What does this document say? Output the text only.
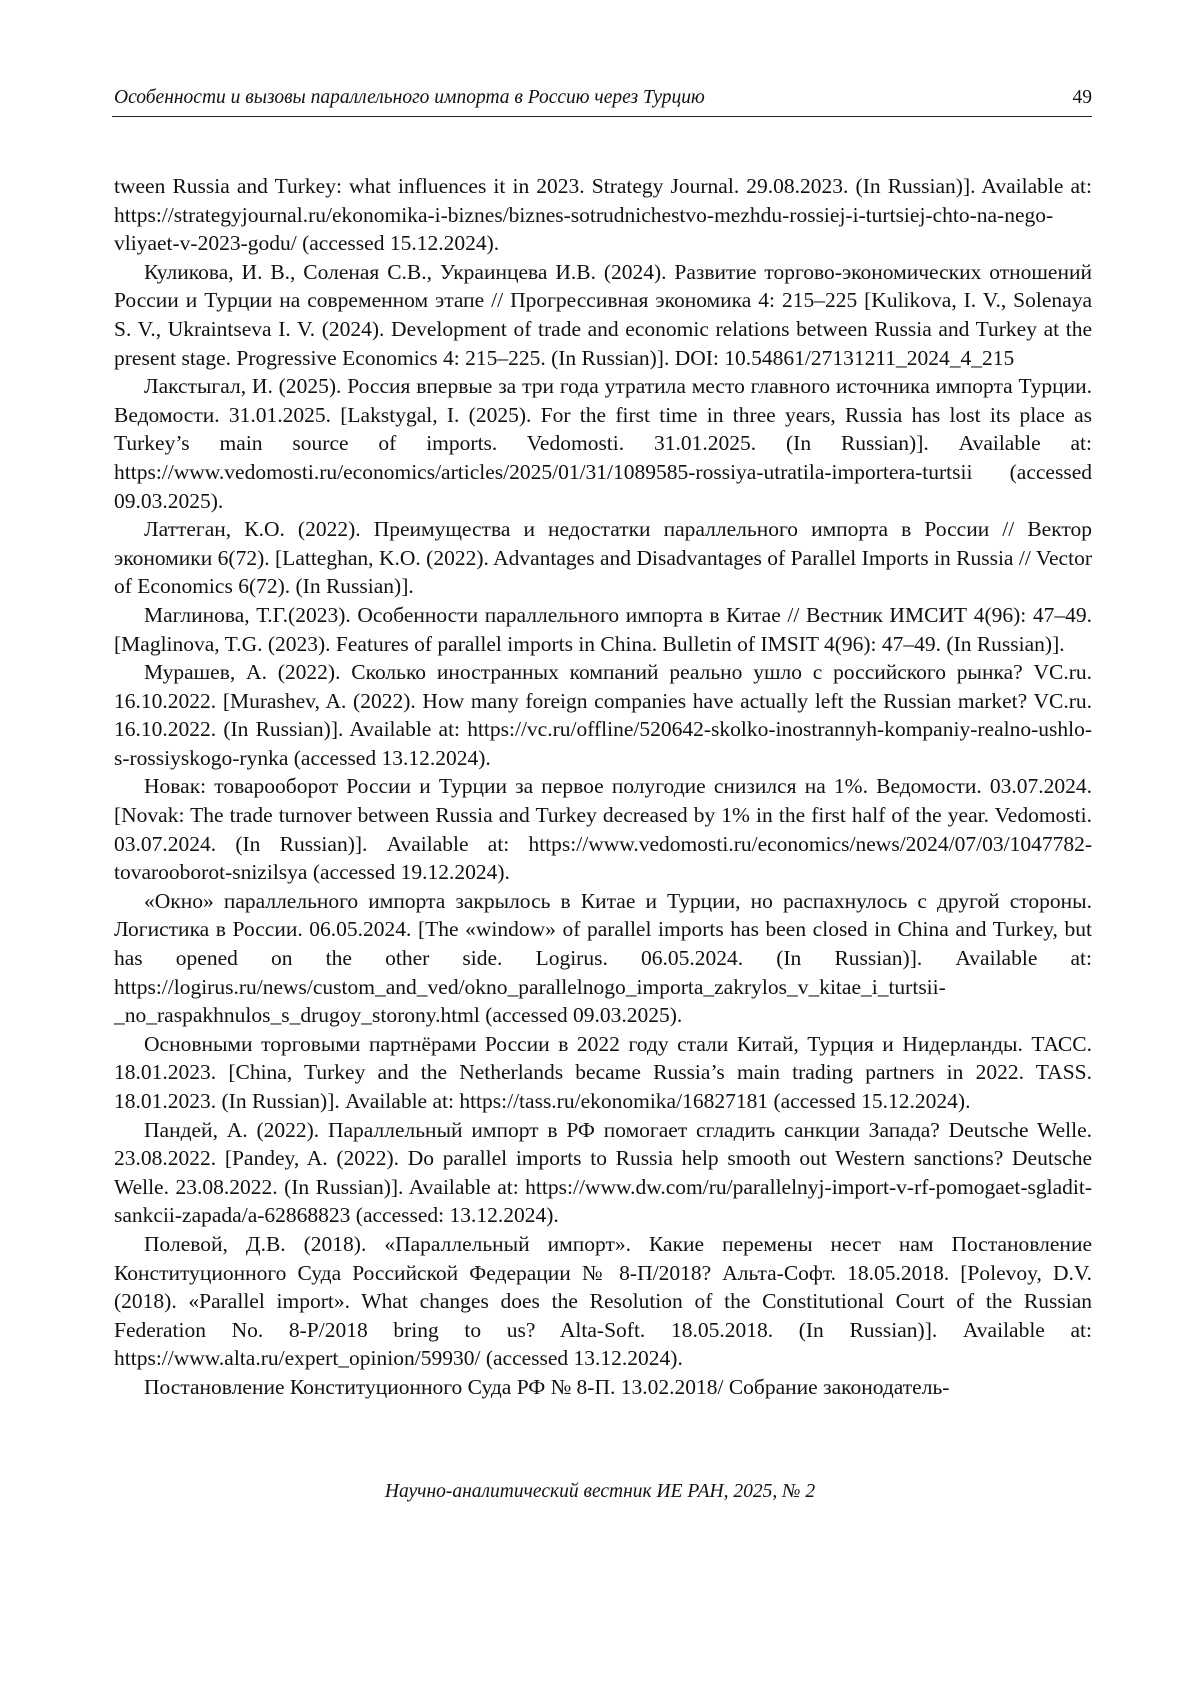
Особенности и вызовы параллельного импорта в Россию через Турцию	49

tween Russia and Turkey: what influences it in 2023. Strategy Journal. 29.08.2023. (In Russian)]. Available at: https://strategyjournal.ru/ekonomika-i-biznes/biznes-sotrudnichestvo-mezhdu-rossiej-i-turtsiej-chto-na-nego-vliyaet-v-2023-godu/ (accessed 15.12.2024).

Куликова, И. В., Соленая С.В., Украинцева И.В. (2024). Развитие торгово-экономических отношений России и Турции на современном этапе // Прогрессивная экономика 4: 215–225 [Kulikova, I. V., Solenaya S. V., Ukraintseva I. V. (2024). Development of trade and economic relations between Russia and Turkey at the present stage. Progressive Economics 4: 215–225. (In Russian)]. DOI: 10.54861/27131211_2024_4_215

Лакстыгал, И. (2025). Россия впервые за три года утратила место главного источника импорта Турции. Ведомости. 31.01.2025. [Lakstygal, I. (2025). For the first time in three years, Russia has lost its place as Turkey’s main source of imports. Vedomosti. 31.01.2025. (In Russian)]. Available at: https://www.vedomosti.ru/economics/articles/2025/01/31/1089585-rossiya-utratila-importera-turtsii (accessed 09.03.2025).

Латтеган, К.О. (2022). Преимущества и недостатки параллельного импорта в России // Вектор экономики 6(72). [Latteghan, K.O. (2022). Advantages and Disadvantages of Parallel Imports in Russia // Vector of Economics 6(72). (In Russian)].

Маглинова, Т.Г.(2023). Особенности параллельного импорта в Китае // Вестник ИМСИТ 4(96): 47–49. [Maglinova, T.G. (2023). Features of parallel imports in China. Bulletin of IMSIT 4(96): 47–49. (In Russian)].

Мурашев, А. (2022). Сколько иностранных компаний реально ушло с российского рынка? VC.ru. 16.10.2022. [Murashev, A. (2022). How many foreign companies have actually left the Russian market? VC.ru. 16.10.2022. (In Russian)]. Available at: https://vc.ru/offline/520642-skolko-inostrannyh-kompaniy-realno-ushlo-s-rossiyskogo-rynka (accessed 13.12.2024).

Новак: товарооборот России и Турции за первое полугодие снизился на 1%. Ведомости. 03.07.2024. [Novak: The trade turnover between Russia and Turkey decreased by 1% in the first half of the year. Vedomosti. 03.07.2024. (In Russian)]. Available at: https://www.vedomosti.ru/economics/news/2024/07/03/1047782-tovarooborot-snizilsya (accessed 19.12.2024).

«Окно» параллельного импорта закрылось в Китае и Турции, но распахнулось с другой стороны. Логистика в России. 06.05.2024. [The «window» of parallel imports has been closed in China and Turkey, but has opened on the other side. Logirus. 06.05.2024. (In Russian)]. Available at: https://logirus.ru/news/custom_and_ved/okno_parallelnogo_importa_zakrylos_v_kitae_i_turtsii-_no_raspakhnulos_s_drugoy_storony.html (accessed 09.03.2025).

Основными торговыми партнёрами России в 2022 году стали Китай, Турция и Нидерланды. ТАСС. 18.01.2023. [China, Turkey and the Netherlands became Russia’s main trading partners in 2022. TASS. 18.01.2023. (In Russian)]. Available at: https://tass.ru/ekonomika/16827181 (accessed 15.12.2024).

Пандей, А. (2022). Параллельный импорт в РФ помогает сгладить санкции Запада? Deutsche Welle. 23.08.2022. [Pandey, A. (2022). Do parallel imports to Russia help smooth out Western sanctions? Deutsche Welle. 23.08.2022. (In Russian)]. Available at: https://www.dw.com/ru/parallelnyj-import-v-rf-pomogaet-sgladit-sankcii-zapada/a-62868823 (accessed: 13.12.2024).

Полевой, Д.В. (2018). «Параллельный импорт». Какие перемены несет нам Постановление Конституционного Суда Российской Федерации № 8-П/2018? Альта-Софт. 18.05.2018. [Polevoy, D.V. (2018). «Parallel import». What changes does the Resolution of the Constitutional Court of the Russian Federation No. 8-P/2018 bring to us? Alta-Soft. 18.05.2018. (In Russian)]. Available at: https://www.alta.ru/expert_opinion/59930/ (accessed 13.12.2024).

Постановление Конституционного Суда РФ № 8-П. 13.02.2018/ Собрание законодатель-

Научно-аналитический вестник ИЕ РАН, 2025, № 2
